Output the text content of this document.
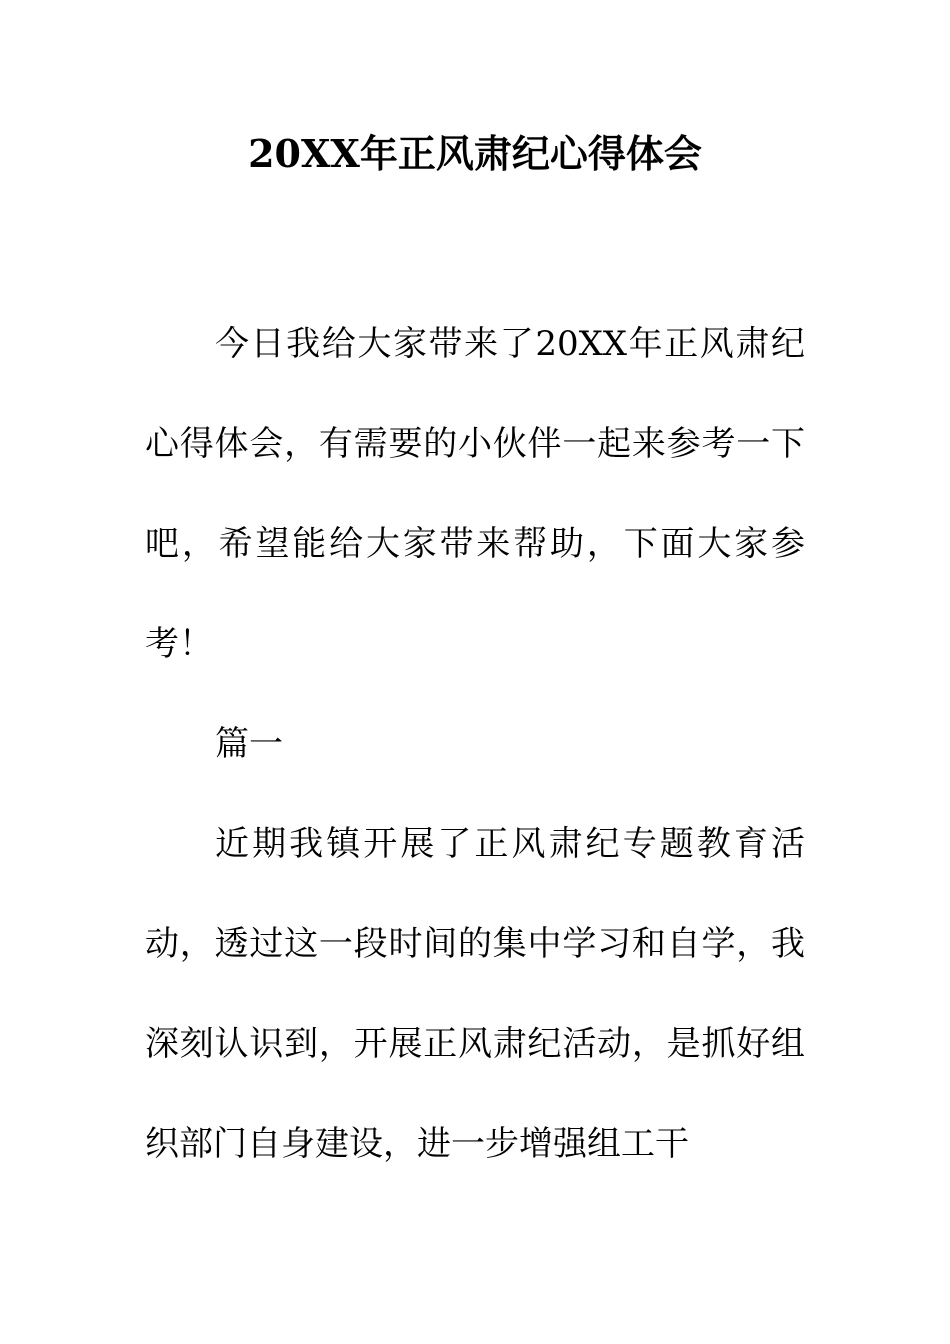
20XX年正风肃纪心得体会

今日我给大家带来了20XX年正风肃纪心得体会，有需要的小伙伴一起来参考一下吧，希望能给大家带来帮助，下面大家参考！

篇一

近期我镇开展了正风肃纪专题教育活动，透过这一段时间的集中学习和自学，我深刻认识到，开展正风肃纪活动，是抓好组织部门自身建设，进一步增强组工干
